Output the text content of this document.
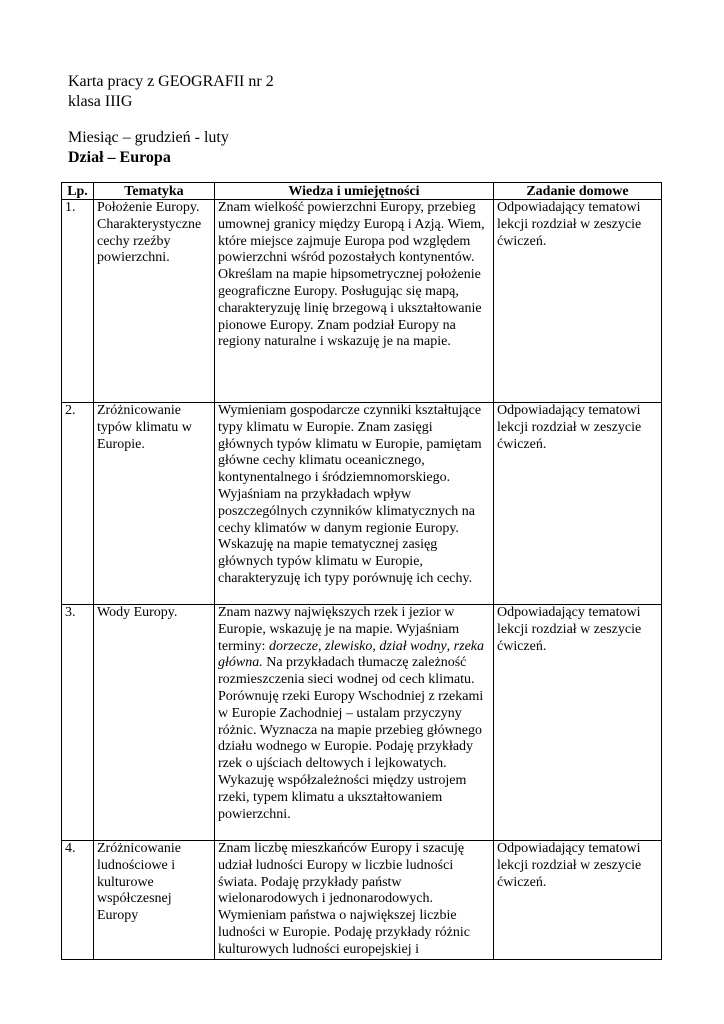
Karta pracy z GEOGRAFII nr 2
klasa IIIG
Miesiąc – grudzień - luty
Dział – Europa
Lp.	Tematyka	Wiedza i umiejętności	Zadanie domowe
1.	Położenie Europy. Charakterystyczne cechy rzeźby powierzchni.	Znam wielkość powierzchni Europy, przebieg umownej granicy między Europą i Azją. Wiem, które miejsce zajmuje Europa pod względem powierzchni wśród pozostałych kontynentów. Określam na mapie hipsometrycznej położenie geograficzne Europy. Posługując się mapą, charakteryzuję linię brzegową i ukształtowanie pionowe Europy. Znam podział Europy na regiony naturalne i wskazuję je na mapie.	Odpowiadający tematowi lekcji rozdział w zeszycie ćwiczeń.
2.	Zróżnicowanie typów klimatu w Europie.	Wymieniam gospodarcze czynniki kształtujące typy klimatu w Europie. Znam zasięgi głównych typów klimatu w Europie, pamiętam główne cechy klimatu oceanicznego, kontynentalnego i śródziemnomorskiego. Wyjaśniam na przykładach wpływ poszczególnych czynników klimatycznych na cechy klimatów w danym regionie Europy. Wskazuję na mapie tematycznej zasięg głównych typów klimatu w Europie, charakteryzuję ich typy porównuję ich cechy.	Odpowiadający tematowi lekcji rozdział w zeszycie ćwiczeń.
3.	Wody Europy.	Znam nazwy największych rzek i jezior w Europie, wskazuję je na mapie. Wyjaśniam terminy: dorzecze, zlewisko, dział wodny, rzeka główna. Na przykładach tłumaczę zależność rozmieszczenia sieci wodnej od cech klimatu. Porównuję rzeki Europy Wschodniej z rzekami w Europie Zachodniej – ustalam przyczyny różnic. Wyznacza na mapie przebieg głównego działu wodnego w Europie. Podaję przykłady rzek o ujściach deltowych i lejkowatych. Wykazuję współzależności między ustrojem rzeki, typem klimatu a ukształtowaniem powierzchni.	Odpowiadający tematowi lekcji rozdział w zeszycie ćwiczeń.
4.	Zróżnicowanie ludnościowe i kulturowe współczesnej Europy	Znam liczbę mieszkańców Europy i szacuję udział ludności Europy w liczbie ludności świata. Podaję przykłady państw wielonarodowych i jednonarodowych. Wymieniam państwa o największej liczbie ludności w Europie. Podaję przykłady różnic kulturowych ludności europejskiej i	Odpowiadający tematowi lekcji rozdział w zeszycie ćwiczeń.
